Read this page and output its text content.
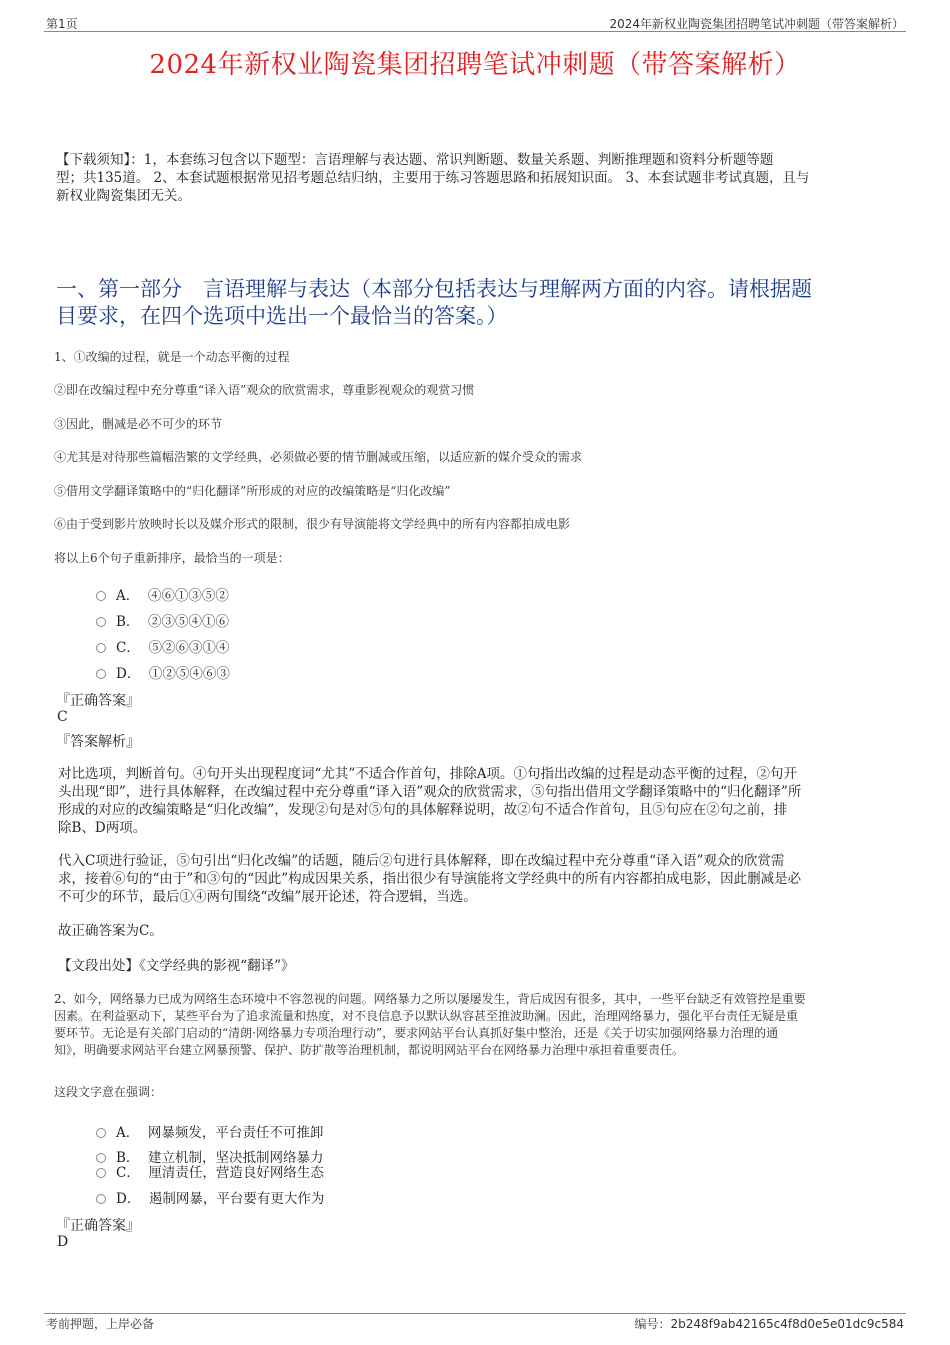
第1页	2024年新权业陶瓷集团招聘笔试冲刺题（带答案解析）
2024年新权业陶瓷集团招聘笔试冲刺题（带答案解析）
【下载须知】：1，本套练习包含以下题型：言语理解与表达题、常识判断题、数量关系题、判断推理题和资料分析题等题
型；共135道。 2、本套试题根据常见招考题总结归纳，主要用于练习答题思路和拓展知识面。 3、本套试题非考试真题，且与
新权业陶瓷集团无关。
一、第一部分　言语理解与表达（本部分包括表达与理解两方面的内容。请根据题
目要求，在四个选项中选出一个最恰当的答案。）
1、①改编的过程，就是一个动态平衡的过程
②即在改编过程中充分尊重“译入语”观众的欣赏需求，尊重影视观众的观赏习惯
③因此，删减是必不可少的环节
④尤其是对待那些篇幅浩繁的文学经典，必须做必要的情节删减或压缩，以适应新的媒介受众的需求
⑤借用文学翻译策略中的“归化翻译”所形成的对应的改编策略是“归化改编”
⑥由于受到影片放映时长以及媒介形式的限制，很少有导演能将文学经典中的所有内容都拍成电影
将以上6个句子重新排序，最恰当的一项是：
A． ④⑥①③⑤②
B． ②③⑤④①⑥
C． ⑤②⑥③①④
D． ①②⑤④⑥③
『正确答案』
C
『答案解析』
对比选项，判断首句。④句开头出现程度词“尤其”不适合作首句，排除A项。①句指出改编的过程是动态平衡的过程，②句开
头出现“即”，进行具体解释，在改编过程中充分尊重“译入语”观众的欣赏需求，⑤句指出借用文学翻译策略中的“归化翻译”所
形成的对应的改编策略是“归化改编”，发现②句是对⑤句的具体解释说明，故②句不适合作首句，且⑤句应在②句之前，排
除B、D两项。
代入C项进行验证，⑤句引出“归化改编”的话题，随后②句进行具体解释，即在改编过程中充分尊重“译入语”观众的欣赏需
求，接着⑥句的“由于”和③句的“因此”构成因果关系，指出很少有导演能将文学经典中的所有内容都拍成电影，因此删减是必
不可少的环节，最后①④两句围绕“改编”展开论述，符合逻辑，当选。
故正确答案为C。
【文段出处】《文学经典的影视“翻译”》
2、如今，网络暴力已成为网络生态环境中不容忽视的问题。网络暴力之所以屡屡发生，背后成因有很多，其中，一些平台缺乏有效管控是重要
因素。在利益驱动下，某些平台为了追求流量和热度，对不良信息予以默认纵容甚至推波助澜。因此，治理网络暴力，强化平台责任无疑是重
要环节。无论是有关部门启动的“清朗·网络暴力专项治理行动”，要求网站平台认真抓好集中整治，还是《关于切实加强网络暴力治理的通
知》，明确要求网站平台建立网暴预警、保护、防扩散等治理机制，都说明网站平台在网络暴力治理中承担着重要责任。
这段文字意在强调：
A． 网暴频发，平台责任不可推卸
B． 建立机制，坚决抵制网络暴力
C． 厘清责任，营造良好网络生态
D． 遏制网暴，平台要有更大作为
『正确答案』
D
考前押题，上岸必备	编号：2b248f9ab42165c4f8d0e5e01dc9c584
